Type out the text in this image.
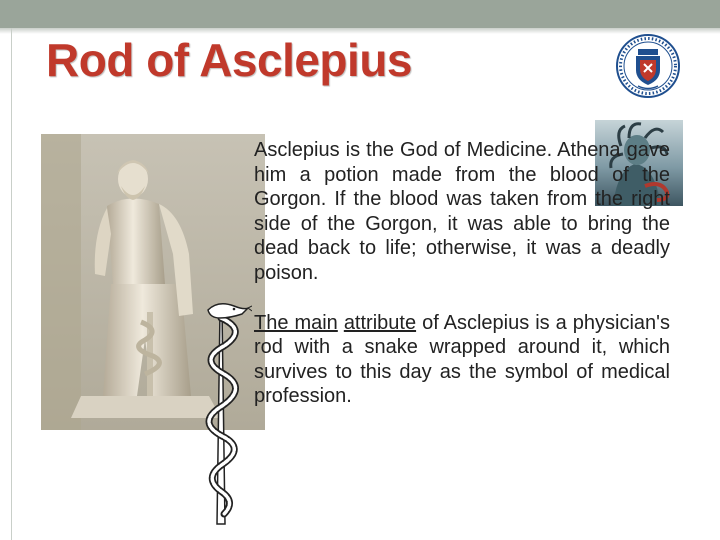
Rod of Asclepius

Asclepius is the God of Medicine. Athena gave him a potion made from the blood of the Gorgon. If the blood was taken from the right side of the Gorgon, it was able to bring the dead back to life; otherwise, it was a deadly poison.

The main attribute of Asclepius is a physician's rod with a snake wrapped around it, which survives to this day as the symbol of medical profession.
